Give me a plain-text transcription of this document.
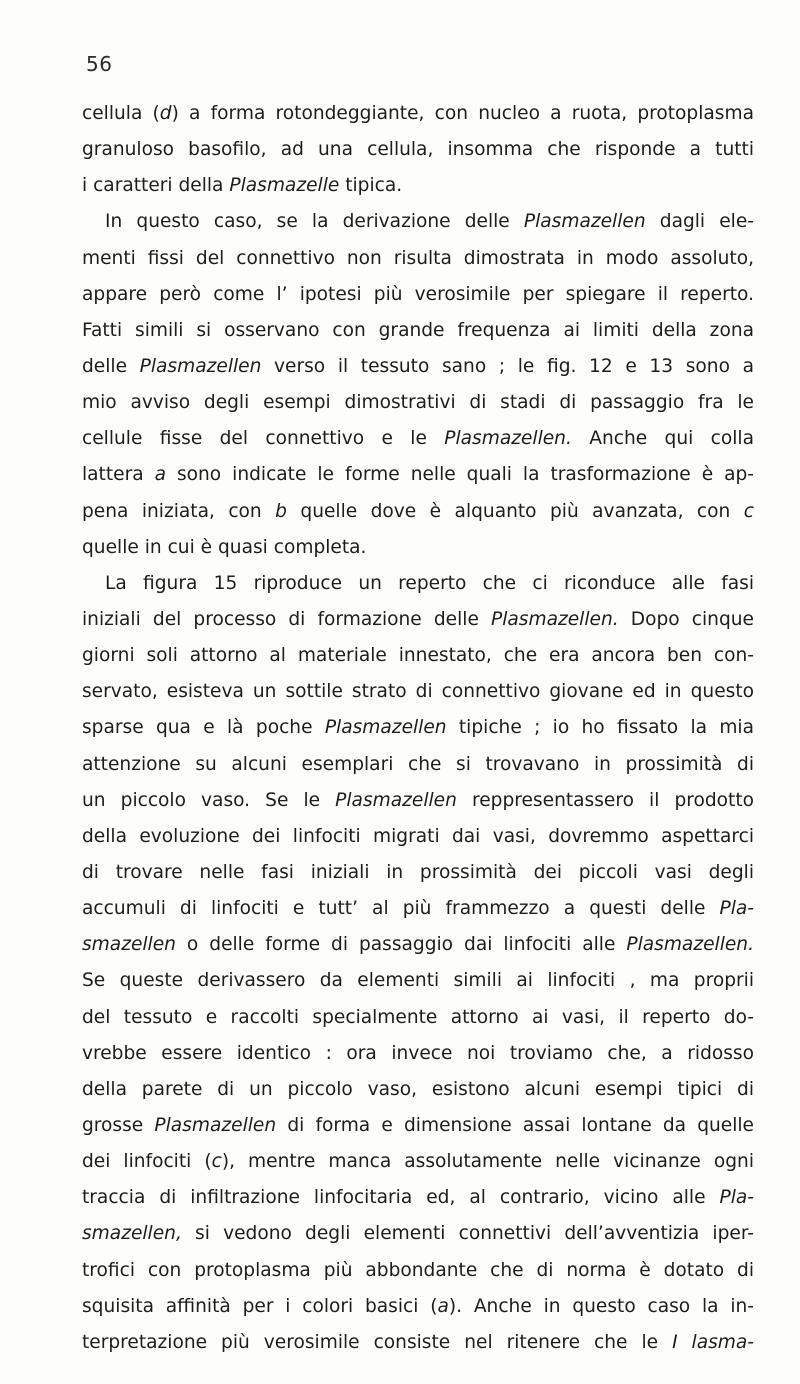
56
cellula (d) a forma rotondeggiante, con nucleo a ruota, protoplasma
granuloso basofilo, ad una cellula, insomma che risponde a tutti
i caratteri della Plasmazelle tipica.
In questo caso, se la derivazione delle Plasmazellen dagli ele-
menti fissi del connettivo non risulta dimostrata in modo assoluto,
appare però come l’ ipotesi più verosimile per spiegare il reperto.
Fatti simili si osservano con grande frequenza ai limiti della zona
delle Plasmazellen verso il tessuto sano ; le fig. 12 e 13 sono a
mio avviso degli esempi dimostrativi di stadi di passaggio fra le
cellule fisse del connettivo e le Plasmazellen. Anche qui colla
lattera a sono indicate le forme nelle quali la trasformazione è ap-
pena iniziata, con b quelle dove è alquanto più avanzata, con c
quelle in cui è quasi completa.
La figura 15 riproduce un reperto che ci riconduce alle fasi
iniziali del processo di formazione delle Plasmazellen. Dopo cinque
giorni soli attorno al materiale innestato, che era ancora ben con-
servato, esisteva un sottile strato di connettivo giovane ed in questo
sparse qua e là poche Plasmazellen tipiche ; io ho fissato la mia
attenzione su alcuni esemplari che si trovavano in prossimità di
un piccolo vaso. Se le Plasmazellen reppresentassero il prodotto
della evoluzione dei linfociti migrati dai vasi, dovremmo aspettarci
di trovare nelle fasi iniziali in prossimità dei piccoli vasi degli
accumuli di linfociti e tutt’ al più frammezzo a questi delle Pla-
smazellen o delle forme di passaggio dai linfociti alle Plasmazellen.
Se queste derivassero da elementi simili ai linfociti , ma proprii
del tessuto e raccolti specialmente attorno ai vasi, il reperto do-
vrebbe essere identico : ora invece noi troviamo che, a ridosso
della parete di un piccolo vaso, esistono alcuni esempi tipici di
grosse Plasmazellen di forma e dimensione assai lontane da quelle
dei linfociti (c), mentre manca assolutamente nelle vicinanze ogni
traccia di infiltrazione linfocitaria ed, al contrario, vicino alle Pla-
smazellen, si vedono degli elementi connettivi dell’avventizia iper-
trofici con protoplasma più abbondante che di norma è dotato di
squisita affinità per i colori basici (a). Anche in questo caso la in-
terpretazione più verosimile consiste nel ritenere che le I lasma-
